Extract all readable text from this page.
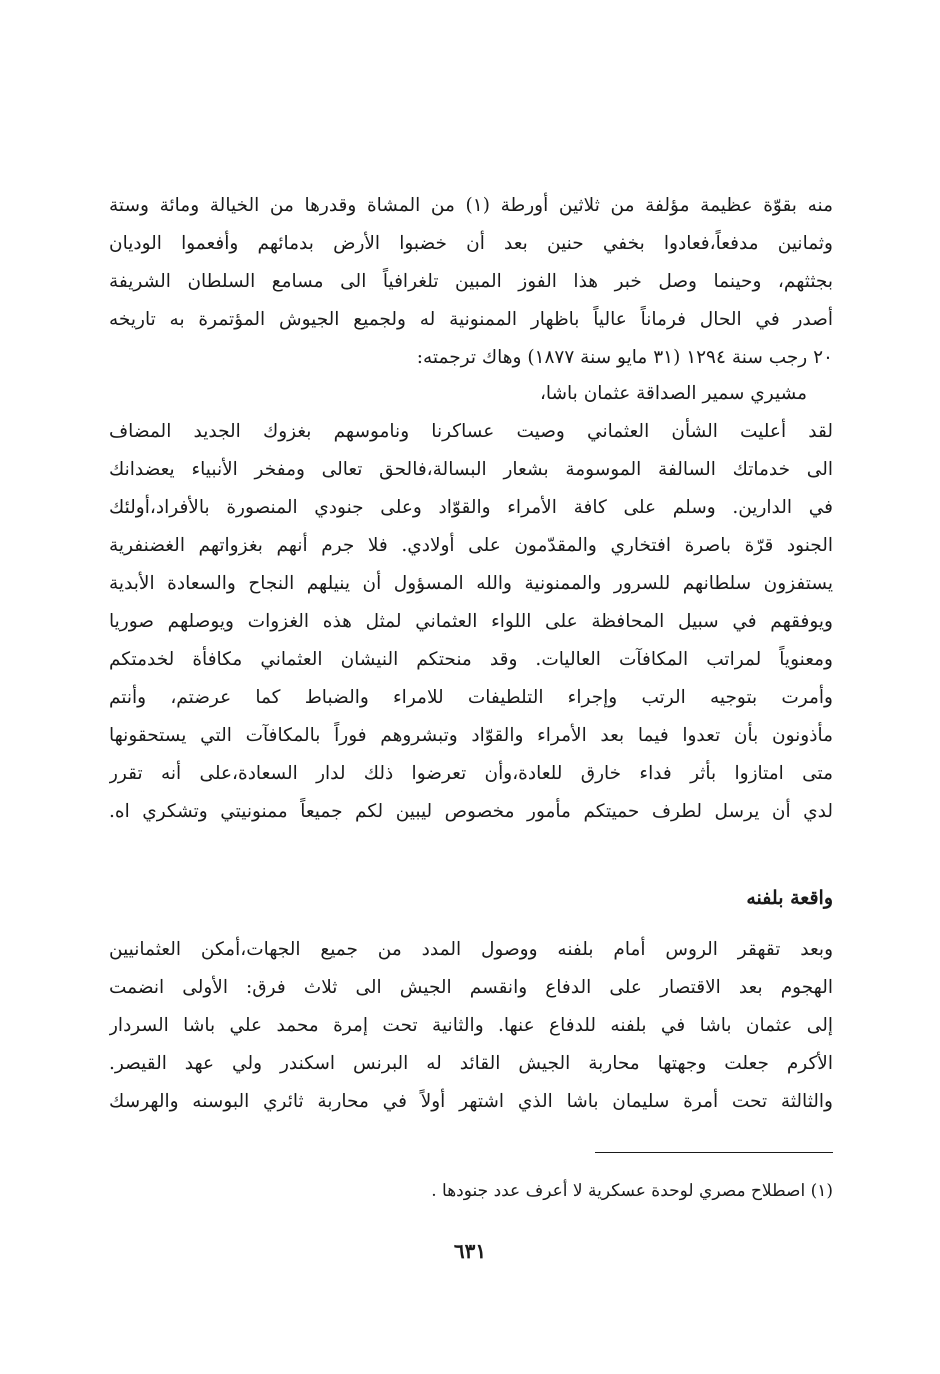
منه بقوّة عظيمة مؤلفة من ثلاثين أورطة (١) من المشاة وقدرها من الخيالة ومائة وستة
وثمانين مدفعاً،فعادوا بخفي حنين بعد أن خضبوا الأرض بدمائهم وأفعموا الوديان
بجثثهم، وحينما وصل خبر هذا الفوز المبين تلغرافياً الى مسامع السلطان الشريفة
أصدر في الحال فرماناً عالياً باظهار الممنونية له ولجميع الجيوش المؤتمرة به تاريخه
٢٠ رجب سنة ١٢٩٤ (٣١ مايو سنة ١٨٧٧) وهاك ترجمته:
مشيري سمير الصداقة عثمان باشا،
لقد أعليت الشأن العثماني وصيت عساكرنا وناموسهم بغزوك الجديد المضاف
الى خدماتك السالفة الموسومة بشعار البسالة،فالحق تعالى ومفخر الأنبياء يعضدانك
في الدارين. وسلم على كافة الأمراء والقوّاد وعلى جنودي المنصورة بالأفراد،أولئك
الجنود قرّة باصرة افتخاري والمقدّمون على أولادي. فلا جرم أنهم بغزواتهم الغضنفرية
يستفزون سلطانهم للسرور والممنونية والله المسؤول أن ينيلهم النجاح والسعادة الأبدية
ويوفقهم في سبيل المحافظة على اللواء العثماني لمثل هذه الغزوات ويوصلهم صوريا
ومعنوياً لمراتب المكافآت العاليات. وقد منحتكم النيشان العثماني مكافأة لخدمتكم
وأمرت بتوجيه الرتب وإجراء التلطيفات للامراء والضباط كما عرضتم، وأنتم
مأذونون بأن تعدوا فيما بعد الأمراء والقوّاد وتبشروهم فوراً بالمكافآت التي يستحقونها
متى امتازوا بأثر فداء خارق للعادة،وأن تعرضوا ذلك لدار السعادة،على أنه تقرر
لدي أن يرسل لطرف حميتكم مأمور مخصوص ليبين لكم جميعاً ممنونيتي وتشكري اه.
واقعة بلفنه
وبعد تقهقر الروس أمام بلفنه ووصول المدد من جميع الجهات،أمكن العثمانيين
الهجوم بعد الاقتصار على الدفاع وانقسم الجيش الى ثلاث فرق: الأولى انضمت
إلى عثمان باشا في بلفنه للدفاع عنها. والثانية تحت إمرة محمد علي باشا السردار
الأكرم جعلت وجهتها محاربة الجيش القائد له البرنس اسكندر ولي عهد القيصر.
والثالثة تحت أمرة سليمان باشا الذي اشتهر أولاً في محاربة ثائري البوسنه والهرسك
(١) اصطلاح مصري لوحدة عسكرية لا أعرف عدد جنودها .
٦٣١
